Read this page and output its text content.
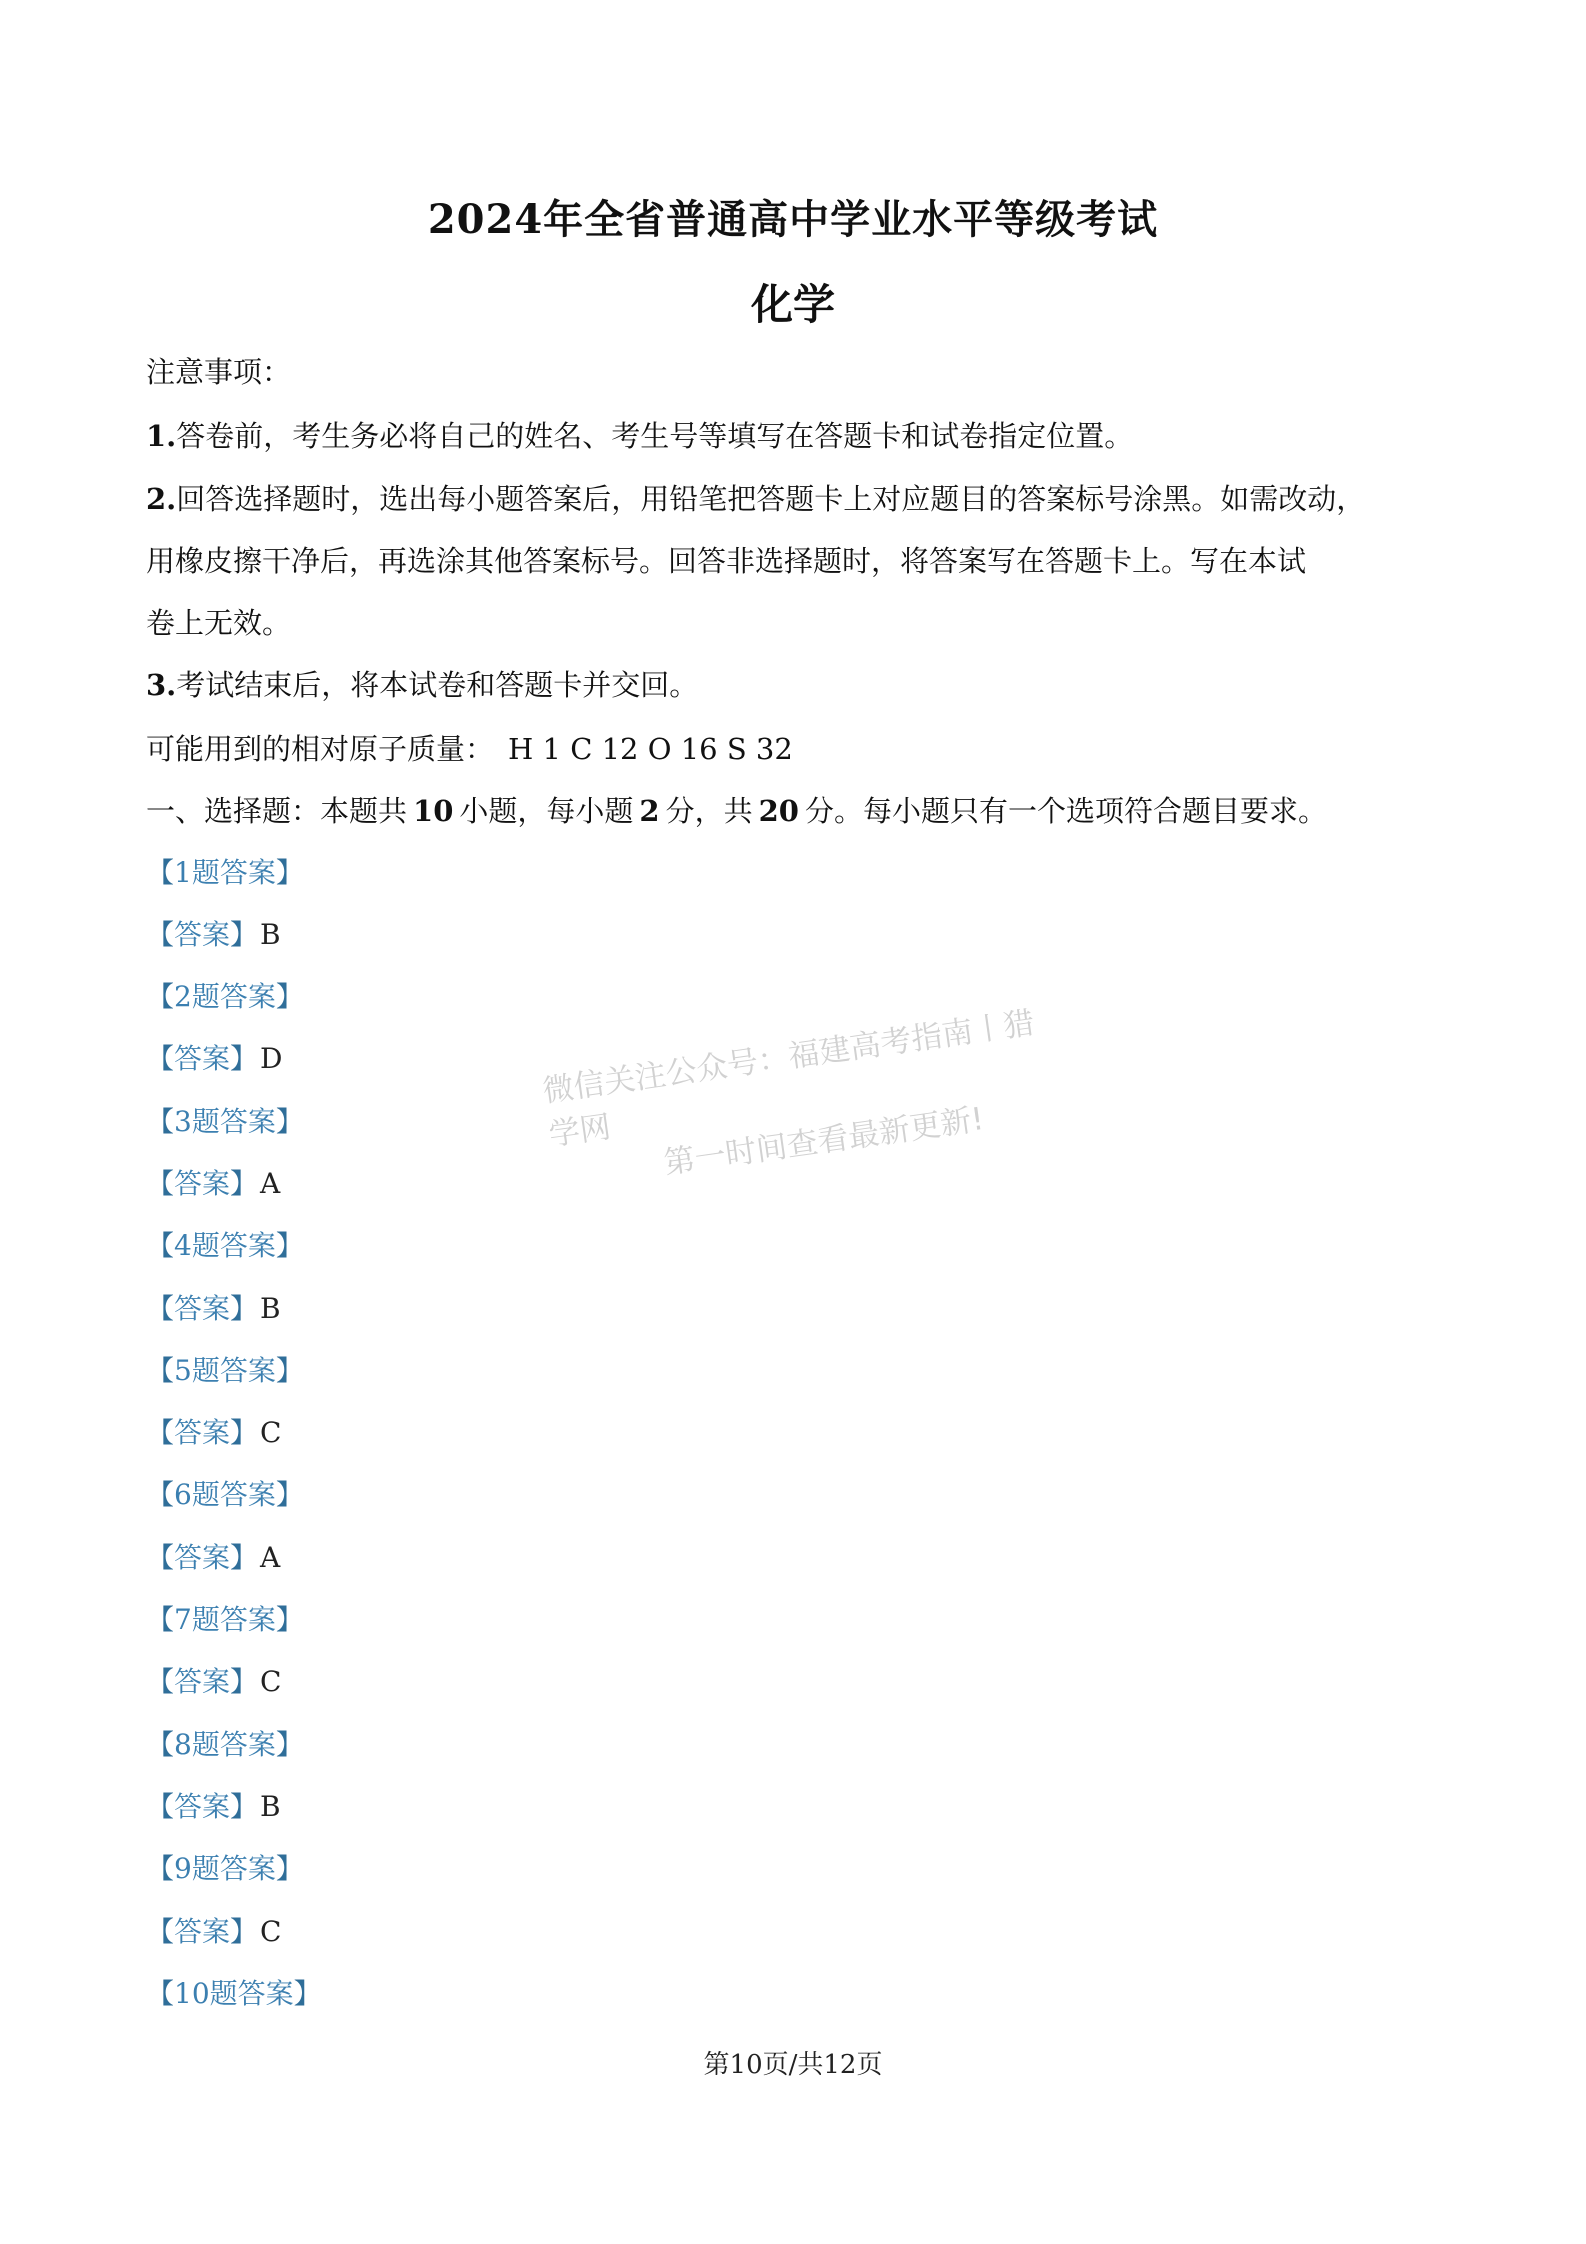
2024年全省普通高中学业水平等级考试
化学
注意事项：
1.答卷前，考生务必将自己的姓名、考生号等填写在答题卡和试卷指定位置。
2.回答选择题时，选出每小题答案后，用铅笔把答题卡上对应题目的答案标号涂黑。如需改动，
用橡皮擦干净后，再选涂其他答案标号。回答非选择题时，将答案写在答题卡上。写在本试
卷上无效。
3.考试结束后，将本试卷和答题卡并交回。
可能用到的相对原子质量： H 1 C 12 O 16 S 32
一、选择题：本题共 10 小题，每小题 2 分，共 20 分。每小题只有一个选项符合题目要求。
【1题答案】
【答案】B
【2题答案】
【答案】D
【3题答案】
【答案】A
【4题答案】
【答案】B
【5题答案】
【答案】C
【6题答案】
【答案】A
【7题答案】
【答案】C
【8题答案】
【答案】B
【9题答案】
【答案】C
【10题答案】
微信关注公众号：福建高考指南丨猎学网	第一时间查看最新更新!
第10页/共12页
